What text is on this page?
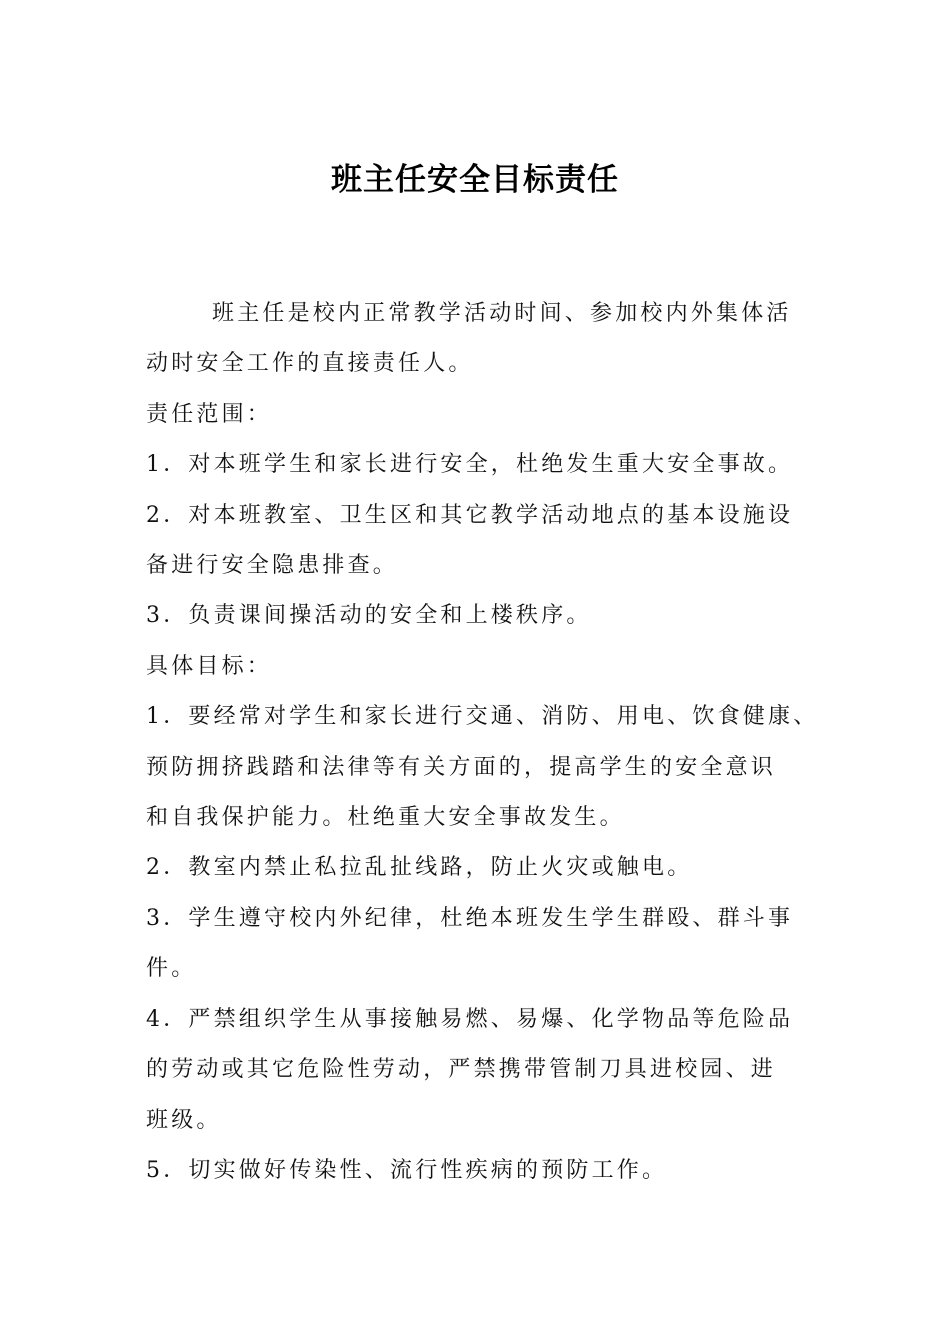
班主任安全目标责任
班主任是校内正常教学活动时间、参加校内外集体活
动时安全工作的直接责任人。
责任范围：
1．对本班学生和家长进行安全，杜绝发生重大安全事故。
2．对本班教室、卫生区和其它教学活动地点的基本设施设
备进行安全隐患排查。
3．负责课间操活动的安全和上楼秩序。
具体目标：
1．要经常对学生和家长进行交通、消防、用电、饮食健康、
预防拥挤践踏和法律等有关方面的，提高学生的安全意识
和自我保护能力。杜绝重大安全事故发生。
2．教室内禁止私拉乱扯线路，防止火灾或触电。
3．学生遵守校内外纪律，杜绝本班发生学生群殴、群斗事
件。
4．严禁组织学生从事接触易燃、易爆、化学物品等危险品
的劳动或其它危险性劳动，严禁携带管制刀具进校园、进
班级。
5．切实做好传染性、流行性疾病的预防工作。
